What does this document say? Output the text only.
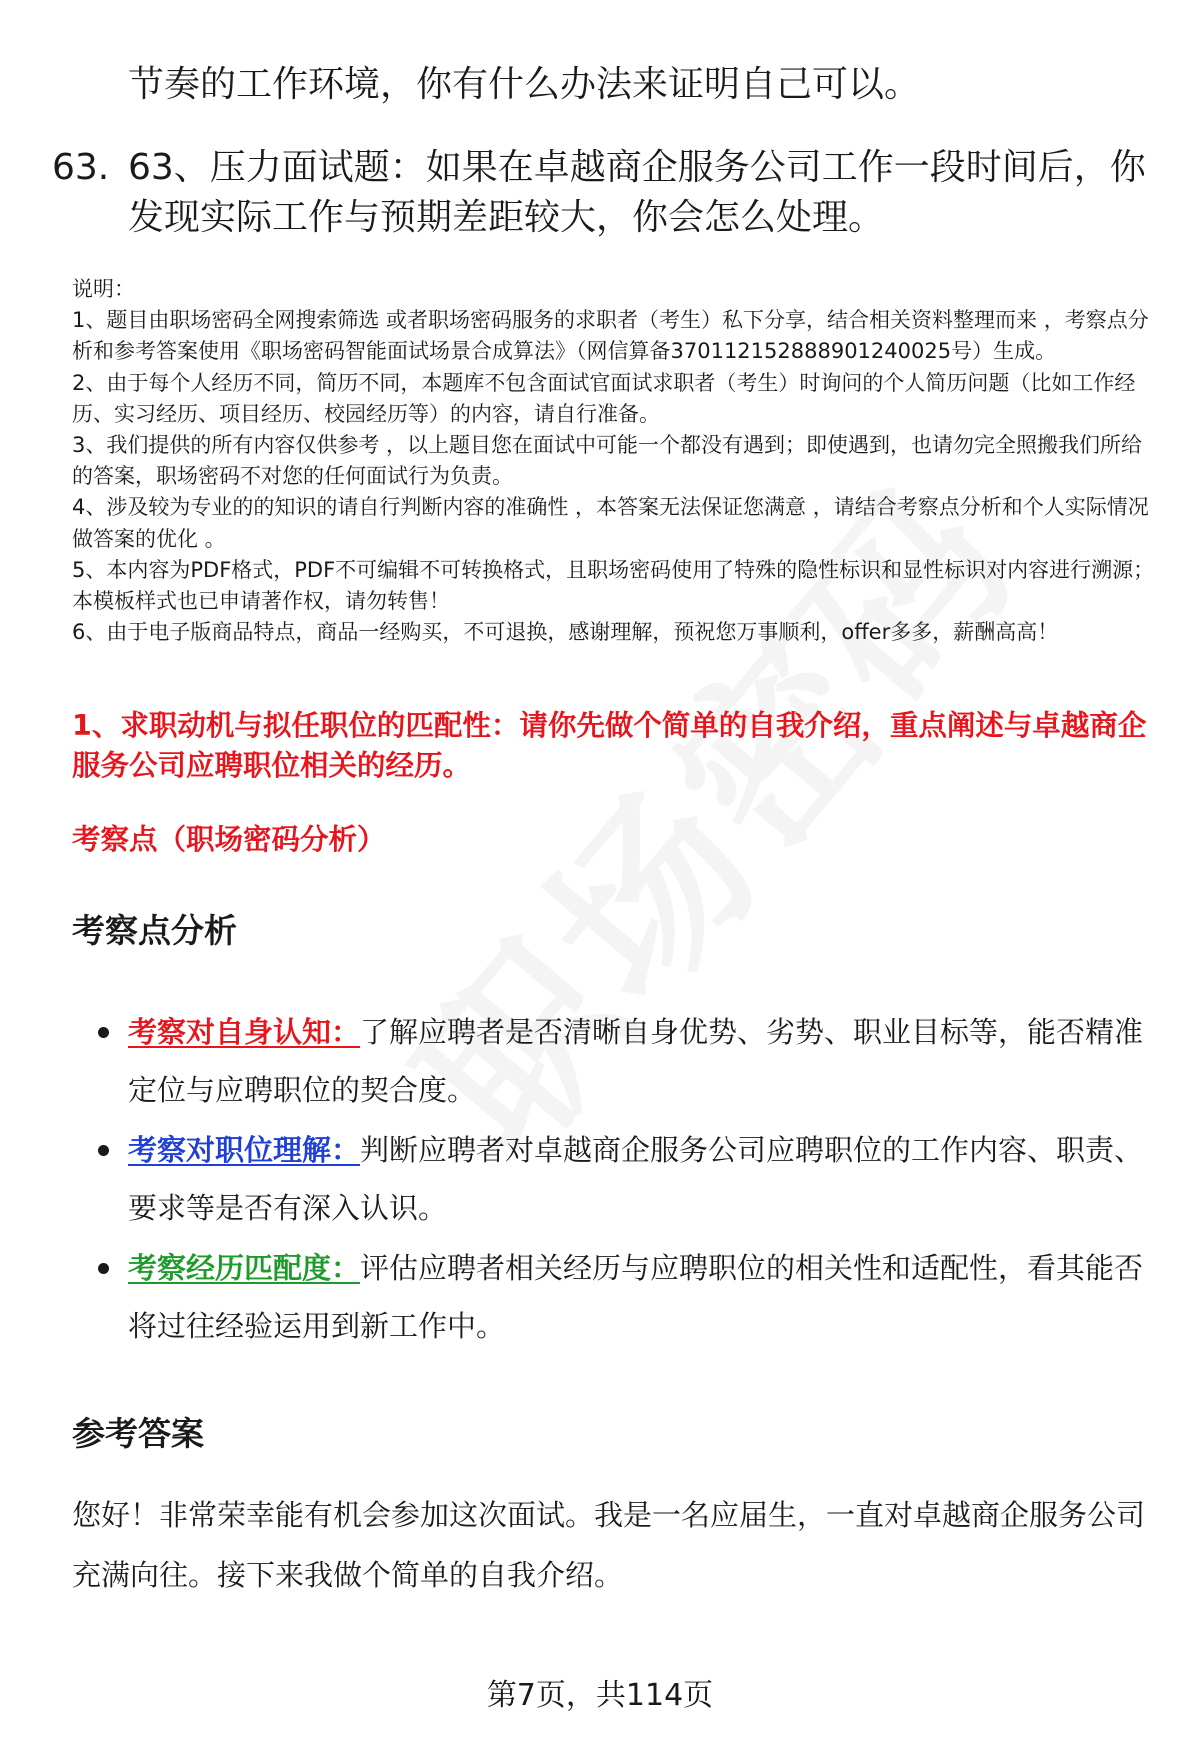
节奏的工作环境，你有什么办法来证明自己可以。
63. 63、压力面试题：如果在卓越商企服务公司工作一段时间后，你发现实际工作与预期差距较大，你会怎么处理。

说明：

1、题目由职场密码全网搜索筛选 或者职场密码服务的求职者（考生）私下分享，结合相关资料整理而来 ，考察点分析和参考答案使用《职场密码智能面试场景合成算法》（网信算备370112152888901240025号）生成。

2、由于每个人经历不同，简历不同，本题库不包含面试官面试求职者（考生）时询问的个人简历问题（比如工作经历、实习经历、项目经历、校园经历等）的内容，请自行准备。

3、我们提供的所有内容仅供参考 ，以上题目您在面试中可能一个都没有遇到；即使遇到，也请勿完全照搬我们所给的答案，职场密码不对您的任何面试行为负责。

4、涉及较为专业的的知识的请自行判断内容的准确性 ，本答案无法保证您满意 ，请结合考察点分析和个人实际情况做答案的优化 。

5、本内容为PDF格式，PDF不可编辑不可转换格式，且职场密码使用了特殊的隐性标识和显性标识对内容进行溯源；本模板样式也已申请著作权，请勿转售！

6、由于电子版商品特点，商品一经购买，不可退换，感谢理解，预祝您万事顺利，offer多多，薪酬高高！

1、求职动机与拟任职位的匹配性：请你先做个简单的自我介绍，重点阐述与卓越商企服务公司应聘职位相关的经历。
考察点（职场密码分析）
考察点分析
考察对自身认知：了解应聘者是否清晰自身优势、劣势、职业目标等，能否精准定位与应聘职位的契合度。
考察对职位理解：判断应聘者对卓越商企服务公司应聘职位的工作内容、职责、要求等是否有深入认识。
考察经历匹配度：评估应聘者相关经历与应聘职位的相关性和适配性，看其能否将过往经验运用到新工作中。
参考答案
您好！非常荣幸能有机会参加这次面试。我是一名应届生，一直对卓越商企服务公司充满向往。接下来我做个简单的自我介绍。
第7页，共114页
